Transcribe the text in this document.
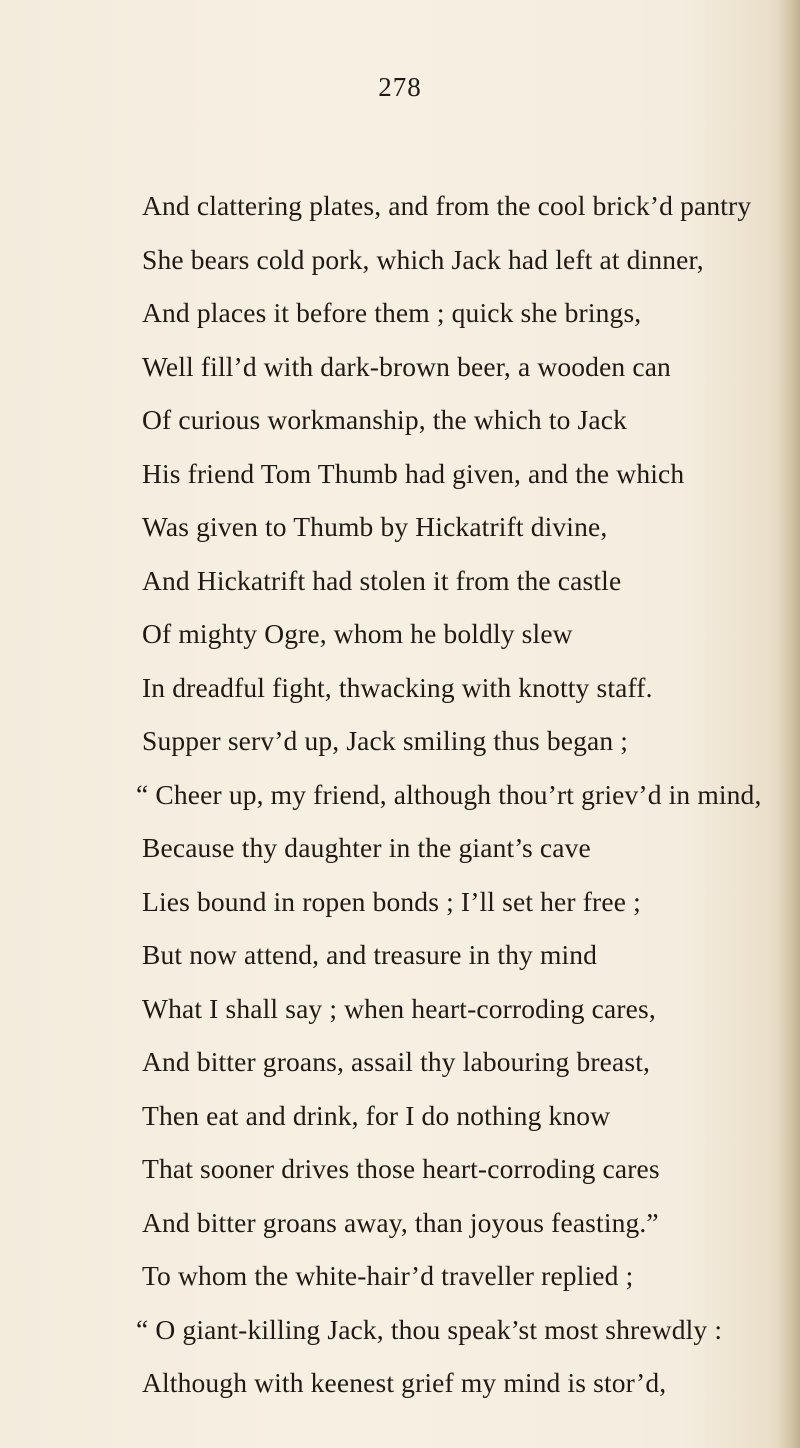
278
And clattering plates, and from the cool brick’d pantry
She bears cold pork, which Jack had left at dinner,
And places it before them ; quick she brings,
Well fill’d with dark-brown beer, a wooden can
Of curious workmanship, the which to Jack
His friend Tom Thumb had given, and the which
Was given to Thumb by Hickatrift divine,
And Hickatrift had stolen it from the castle
Of mighty Ogre, whom he boldly slew
In dreadful fight, thwacking with knotty staff.
Supper serv’d up, Jack smiling thus began ;
“ Cheer up, my friend, although thou’rt griev’d in mind,
Because thy daughter in the giant’s cave
Lies bound in ropen bonds ; I’ll set her free ;
But now attend, and treasure in thy mind
What I shall say ; when heart-corroding cares,
And bitter groans, assail thy labouring breast,
Then eat and drink, for I do nothing know
That sooner drives those heart-corroding cares
And bitter groans away, than joyous feasting.”
To whom the white-hair’d traveller replied ;
“ O giant-killing Jack, thou speak’st most shrewdly :
Although with keenest grief my mind is stor’d,
